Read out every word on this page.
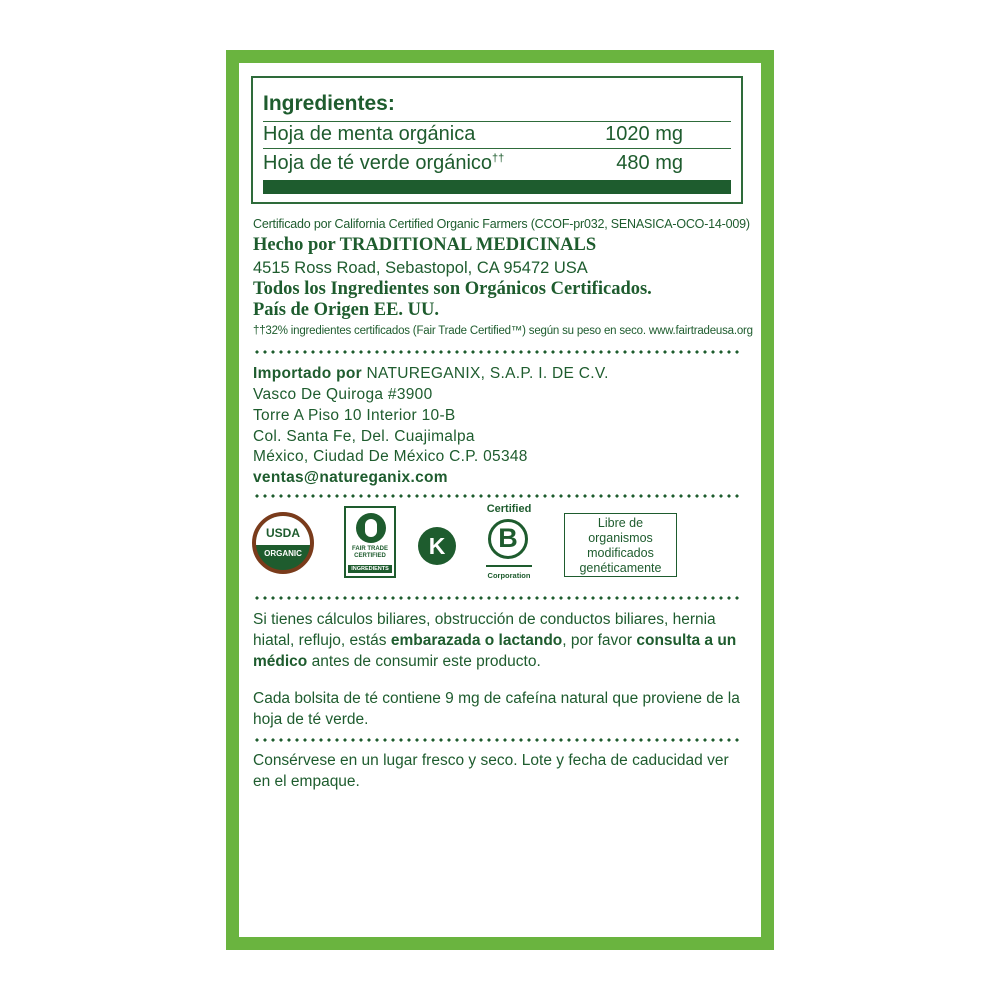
Ingredientes:
Hoja de menta orgánica	1020 mg
Hoja de té verde orgánico††	480 mg
Certificado por California Certified Organic Farmers (CCOF-pr032, SENASICA-OCO-14-009)
Hecho por TRADITIONAL MEDICINALS
4515 Ross Road, Sebastopol, CA 95472 USA
Todos los Ingredientes son Orgánicos Certificados.
País de Origen EE. UU.
††32% ingredientes certificados (Fair Trade Certified™) según su peso en seco. www.fairtradeusa.org
Importado por NATUREGANIX, S.A.P. I. DE C.V.
Vasco De Quiroga #3900
Torre A Piso 10 Interior 10-B
Col. Santa Fe, Del. Cuajimalpa
México, Ciudad De México C.P. 05348
ventas@natureganix.com
USDA
ORGANIC	FAIR TRADE CERTIFIED
INGREDIENTS
K
Certified
B
Corporation
Libre de organismos modificados genéticamente
Si tienes cálculos biliares, obstrucción de conductos biliares, hernia hiatal, reflujo, estás embarazada o lactando, por favor consulta a un médico antes de consumir este producto.
Cada bolsita de té contiene 9 mg de cafeína natural que proviene de la hoja de té verde.
Consérvese en un lugar fresco y seco. Lote y fecha de caducidad ver en el empaque.
